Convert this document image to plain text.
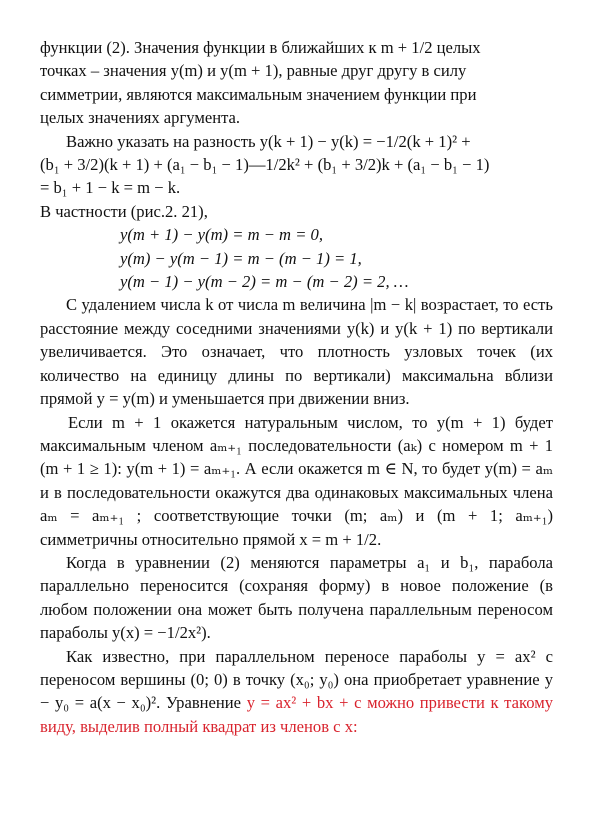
функции (2). Значения функции в ближайших к m + 1/2 целых

точках – значения y(m) и y(m + 1), равные друг другу в силу

симметрии, являются максимальным значением функции при

целых значениях аргумента.

Важно указать на разность y(k + 1) − y(k) = −1/2(k + 1)² +

(b₁ + 3/2)(k + 1) + (a₁ − b₁ − 1)—1/2k² + (b₁ + 3/2)k + (a₁ − b₁ − 1)

= b₁ + 1 − k = m − k.

В частности (рис.2. 21),

y(m + 1) − y(m) = m − m = 0,

y(m) − y(m − 1) = m − (m − 1) = 1,

y(m − 1) − y(m − 2) = m − (m − 2) = 2, …

С удалением числа k от числа m величина |m − k| возрастает, то есть расстояние между соседними значениями y(k) и y(k + 1) по вертикали увеличивается. Это означает, что плотность узловых точек (их количество на единицу длины по вертикали) максимальна вблизи прямой y = y(m) и уменьшается при движении вниз.

Если m + 1 окажется натуральным числом, то y(m + 1) будет максимальным членом aₘ₊₁ последовательности (aₖ) с номером m + 1 (m + 1 ≥ 1): y(m + 1) = aₘ₊₁. А если окажется m ∈ N, то будет y(m) = aₘ и в последовательности окажутся два одинаковых максимальных члена aₘ = aₘ₊₁ ; соответствующие точки (m; aₘ) и (m + 1; aₘ₊₁) симметричны относительно прямой x = m + 1/2.

Когда в уравнении (2) меняются параметры a₁ и b₁, парабола параллельно переносится (сохраняя форму) в новое положение (в любом положении она может быть получена параллельным переносом параболы y(x) = −1/2x²).

Как известно, при параллельном переносе параболы y = ax² с переносом вершины (0; 0) в точку (x₀; y₀) она приобретает уравнение y − y₀ = a(x − x₀)². Уравнение y = ax² + bx + c можно привести к такому виду, выделив полный квадрат из членов с x:
